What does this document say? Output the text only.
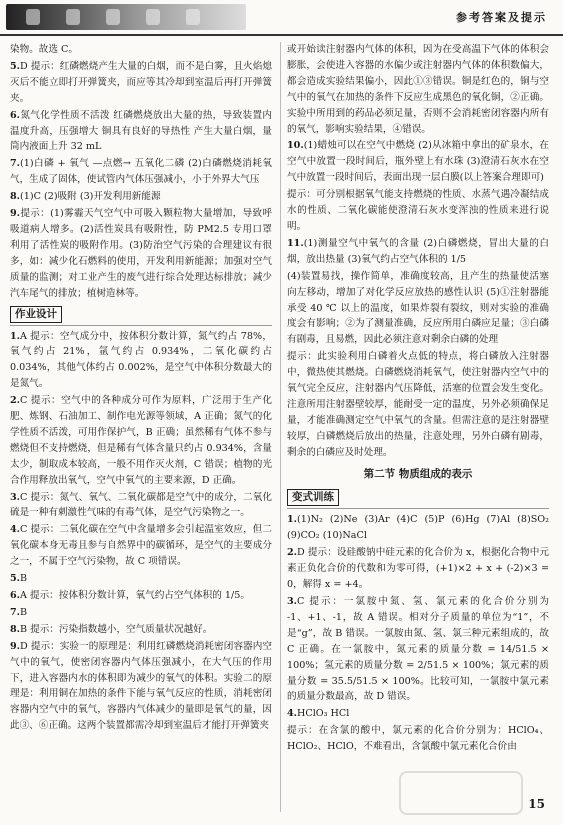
参考答案及提示
染物。故选 C。
5.D 提示：红磷燃烧产生大量的白烟，而不是白雾，且火焰熄灭后不能立即打开弹簧夹，而应等其冷却到室温后再打开弹簧夹。
6.氮气化学性质不活泼 红磷燃烧放出大量的热，导致装置内温度升高，压强增大 铜具有良好的导热性 产生大量白烟，量筒内液面上升 32 mL
7.(1)白磷 + 氧气 —点燃→ 五氧化二磷 (2)白磷燃烧消耗氧气，生成了固体，使试管内气体压强减小，小于外界大气压
8.(1)C (2)吸附 (3)开发利用新能源
9.提示：(1)雾霾天气空气中可吸入颗粒物大量增加，导致呼吸道病人增多。(2)活性炭具有吸附性，防 PM2.5 专用口罩利用了活性炭的吸附作用。(3)防治空气污染的合理建议有很多，如：减少化石燃料的使用，开发利用新能源；加强对空气质量的监测；对工业产生的废气进行综合处理达标排放；减少汽车尾气的排放；植树造林等。
作业设计
1.A 提示：空气成分中，按体积分数计算，氮气约占 78%，氧气约占 21%，氩气约占 0.934%，二氧化碳约占 0.034%，其他气体约占 0.002%，是空气中体积分数最大的是氮气。
2.C 提示：空气中的各种成分可作为原料，广泛用于生产化肥、炼钢、石油加工、制作电光源等领域，A 正确；氮气的化学性质不活泼，可用作保护气，B 正确；虽然稀有气体不参与燃烧但不支持燃烧，但是稀有气体含量只约占 0.934%，含量太少，制取成本较高，一般不用作灭火剂，C 错误；植物的光合作用释放出氧气，空气中氧气的主要来源，D 正确。
3.C 提示：氮气、氧气、二氧化碳都是空气中的成分，二氧化硫是一种有刺激性气味的有毒气体，是空气污染物之一。
4.C 提示：二氧化碳在空气中含量增多会引起温室效应，但二氧化碳本身无毒且参与自然界中的碳循环，是空气的主要成分之一，不属于空气污染物，故 C 项错误。
5.B
6.A 提示：按体积分数计算，氧气约占空气体积的 1/5。
7.B
8.B 提示：污染指数越小，空气质量状况越好。
9.D 提示：实验一的原理是：利用红磷燃烧消耗密闭容器内空气中的氧气，使密闭容器内气体压强减小，在大气压的作用下，进入容器内水的体积即为减少的氧气的体积。实验二的原理是：利用铜在加热的条件下能与氧气反应的性质，消耗密闭容器内空气中的氧气，容器内气体减少的量即是氧气的量，因此③、⑥正确。这两个装置都需冷却到室温后才能打开弹簧夹
或开始读注射器内气体的体积，因为在受高温下气体的体积会膨胀，会使进入容器的水偏少或注射器内气体的体积数偏大，都会造成实验结果偏小，因此①③错误。铜是红色的，铜与空气中的氧气在加热的条件下反应生成黑色的氧化铜，②正确。实验中所用到的药品必须足量，否则不会消耗密闭容器内所有的氧气，影响实验结果，④错误。
10.(1)蜡烛可以在空气中燃烧 (2)从冰箱中拿出的矿泉水，在空气中放置一段时间后，瓶外壁上有水珠 (3)澄清石灰水在空气中放置一段时间后，表面出现一层白膜(以上答案合理即可)
提示：可分别根据氧气能支持燃烧的性质、水蒸气遇冷凝结成水的性质、二氧化碳能使澄清石灰水变浑浊的性质来进行说明。
11.(1)测量空气中氧气的含量 (2)白磷燃烧，冒出大量的白烟，放出热量 (3)氧气约占空气体积的 1/5
(4)装置易找，操作简单，准确度较高，且产生的热量使活塞向左移动，增加了对化学反应放热的感性认识 (5)①注射器能承受 40 ℃ 以上的温度，如果炸裂有裂纹，则对实验的准确度会有影响；②为了测量准确，反应所用白磷应足量；③白磷有剧毒，且易燃，因此必须注意对剩余白磷的处理
提示：此实验利用白磷着火点低的特点，将白磷放入注射器中，微热使其燃烧。白磷燃烧消耗氧气，使注射器内空气中的氧气完全反应，注射器内气压降低，活塞的位置会发生变化。注意所用注射器壁较厚，能耐受一定的温度，另外必须确保足量，才能准确测定空气中氧气的含量。但需注意的是注射器壁较厚，白磷燃烧后放出的热量，注意处理，另外白磷有剧毒，剩余的白磷应及时处理。
第二节 物质组成的表示
变式训练
1.(1)N₂ (2)Ne (3)Ar (4)C (5)P (6)Hg (7)Al (8)SO₂ (9)CO₂ (10)NaCl
2.D 提示：设硅酸钠中硅元素的化合价为 x，根据化合物中元素正负化合价的代数和为零可得，(+1)×2 + x + (-2)×3 = 0，解得 x = +4。
3.C 提示：一氯胺中氮、氢、氯元素的化合价分别为 -1、+1、-1，故 A 错误。相对分子质量的单位为“1”，不是“g”，故 B 错误。一氯胺由氮、氢、氯三种元素组成的，故 C 正确。在一氯胺中，氮元素的质量分数 = 14/51.5 × 100%；氢元素的质量分数 = 2/51.5 × 100%；氯元素的质量分数 = 35.5/51.5 × 100%。比较可知，一氯胺中氯元素的质量分数最高，故 D 错误。
4.HClO₃ HCl
提示：在含氯的酸中，氯元素的化合价分别为：HClO₄、HClO₂、HClO，不难看出，含氯酸中氯元素化合价由
15
